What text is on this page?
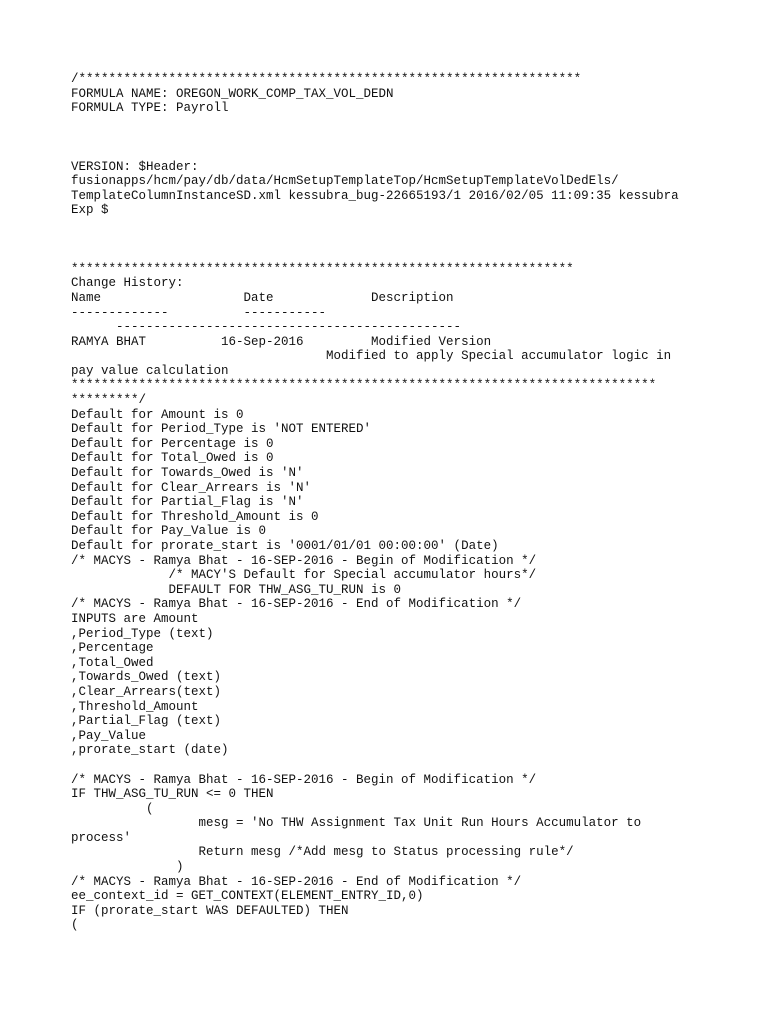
/*******************************************************************
FORMULA NAME: OREGON_WORK_COMP_TAX_VOL_DEDN
FORMULA TYPE: Payroll
VERSION: $Header:
fusionapps/hcm/pay/db/data/HcmSetupTemplateTop/HcmSetupTemplateVolDedEls/
TemplateColumnInstanceSD.xml kessubra_bug-22665193/1 2016/02/05 11:09:35 kessubra
Exp $
*******************************************************************
Change History:
Name                   Date             Description
-------------          -----------
----------------------------------------------
RAMYA BHAT          16-Sep-2016         Modified Version
Modified to apply Special accumulator logic in
pay value calculation
******************************************************************************
*********/
Default for Amount is 0
Default for Period_Type is 'NOT ENTERED'
Default for Percentage is 0
Default for Total_Owed is 0
Default for Towards_Owed is 'N'
Default for Clear_Arrears is 'N'
Default for Partial_Flag is 'N'
Default for Threshold_Amount is 0
Default for Pay_Value is 0
Default for prorate_start is '0001/01/01 00:00:00' (Date)
/* MACYS - Ramya Bhat - 16-SEP-2016 - Begin of Modification */
/* MACY'S Default for Special accumulator hours*/
DEFAULT FOR THW_ASG_TU_RUN is 0
/* MACYS - Ramya Bhat - 16-SEP-2016 - End of Modification */
INPUTS are Amount
,Period_Type (text)
,Percentage
,Total_Owed
,Towards_Owed (text)
,Clear_Arrears(text)
,Threshold_Amount
,Partial_Flag (text)
,Pay_Value
,prorate_start (date)
/* MACYS - Ramya Bhat - 16-SEP-2016 - Begin of Modification */
IF THW_ASG_TU_RUN <= 0 THEN
(
mesg = 'No THW Assignment Tax Unit Run Hours Accumulator to
process'
Return mesg /*Add mesg to Status processing rule*/
)
/* MACYS - Ramya Bhat - 16-SEP-2016 - End of Modification */
ee_context_id = GET_CONTEXT(ELEMENT_ENTRY_ID,0)
IF (prorate_start WAS DEFAULTED) THEN
(
